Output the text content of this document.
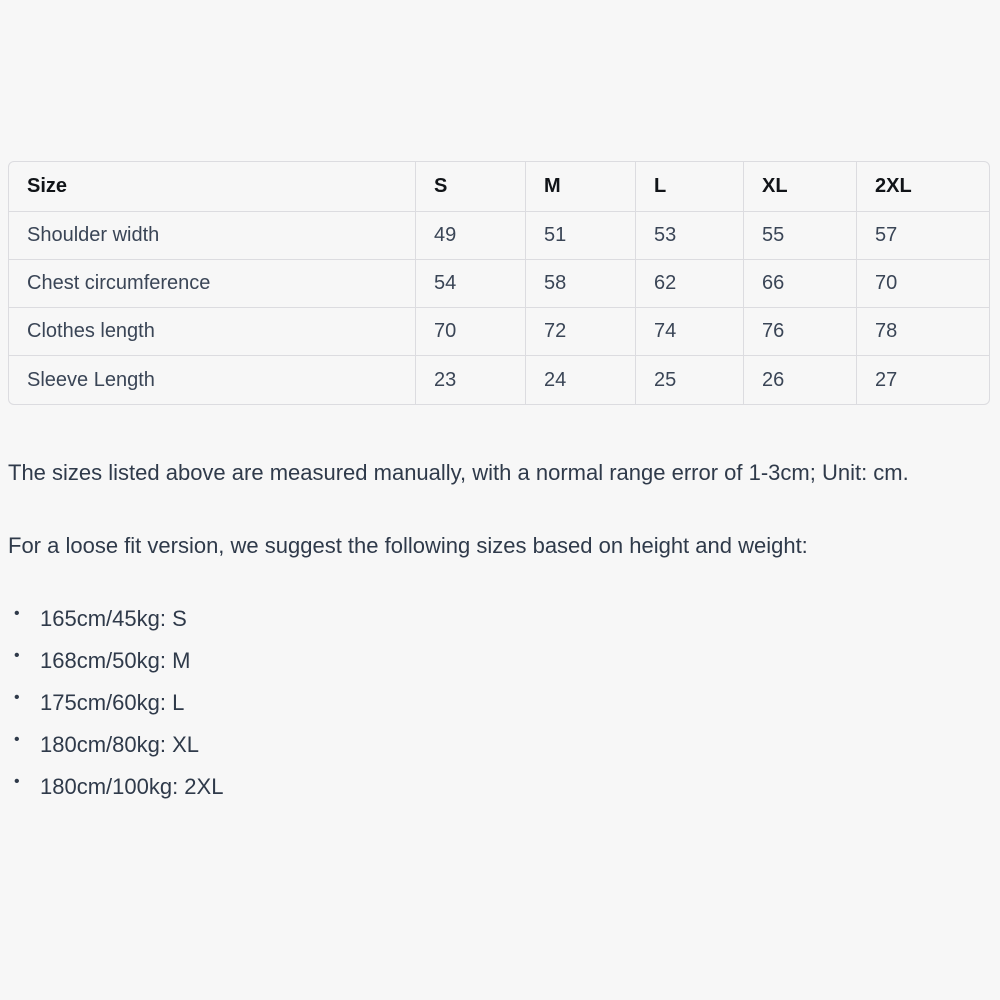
Size	S	M	L	XL	2XL
Shoulder width	49	51	53	55	57
Chest circumference	54	58	62	66	70
Clothes length	70	72	74	76	78
Sleeve Length	23	24	25	26	27

The sizes listed above are measured manually, with a normal range error of 1-3cm; Unit: cm.

For a loose fit version, we suggest the following sizes based on height and weight:

• 165cm/45kg: S
• 168cm/50kg: M
• 175cm/60kg: L
• 180cm/80kg: XL
• 180cm/100kg: 2XL
